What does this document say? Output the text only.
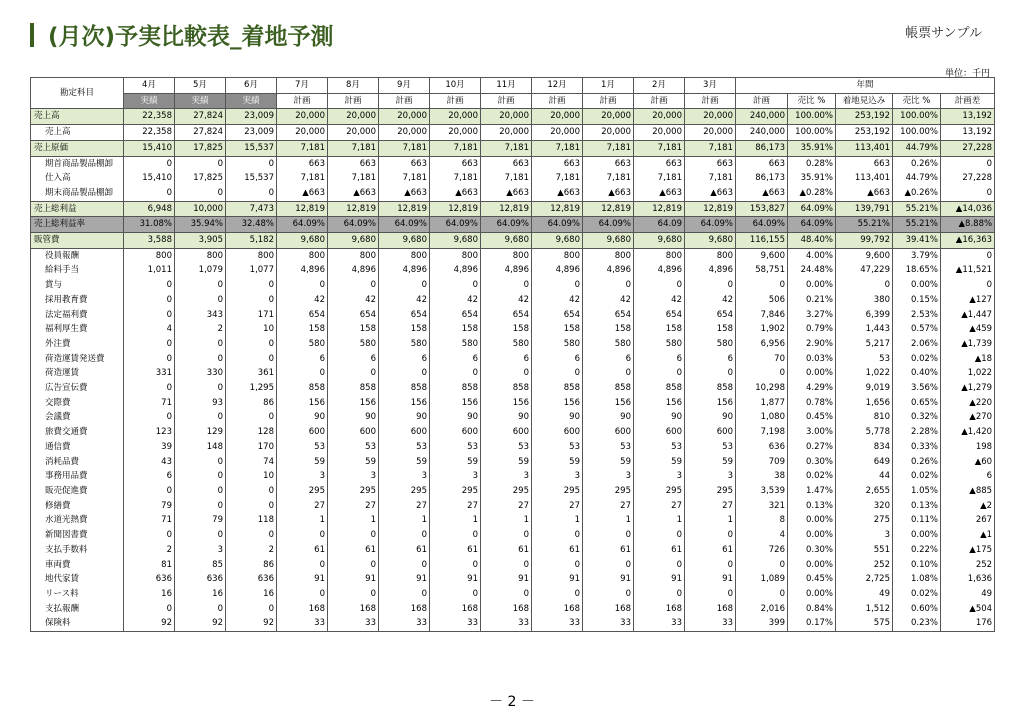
(月次)予実比較表_着地予測	帳票サンプル
単位：千円
勘定科目	4月	5月	6月	7月	8月	9月	10月	11月	12月	1月	2月	3月	年間				
	実績	実績	実績	計画	計画	計画	計画	計画	計画	計画	計画	計画	計画	売比 %	着地見込み	売比 %	計画差
売上高	22,358	27,824	23,009	20,000	20,000	20,000	20,000	20,000	20,000	20,000	20,000	20,000	240,000	100.00%	253,192	100.00%	13,192
売上高	22,358	27,824	23,009	20,000	20,000	20,000	20,000	20,000	20,000	20,000	20,000	20,000	240,000	100.00%	253,192	100.00%	13,192
売上原価	15,410	17,825	15,537	7,181	7,181	7,181	7,181	7,181	7,181	7,181	7,181	7,181	86,173	35.91%	113,401	44.79%	27,228
期首商品製品棚卸	0	0	0	663	663	663	663	663	663	663	663	663	663	0.28%	663	0.26%	0
仕入高	15,410	17,825	15,537	7,181	7,181	7,181	7,181	7,181	7,181	7,181	7,181	7,181	86,173	35.91%	113,401	44.79%	27,228
期末商品製品棚卸	0	0	0	▲663	▲663	▲663	▲663	▲663	▲663	▲663	▲663	▲663	▲663	▲0.28%	▲663	▲0.26%	0
売上総利益	6,948	10,000	7,473	12,819	12,819	12,819	12,819	12,819	12,819	12,819	12,819	12,819	153,827	64.09%	139,791	55.21%	▲14,036
売上総利益率	31.08%	35.94%	32.48%	64.09%	64.09%	64.09%	64.09%	64.09%	64.09%	64.09%	64.09	64.09%	64.09%	64.09%	55.21%	55.21%	▲8.88%
販管費	3,588	3,905	5,182	9,680	9,680	9,680	9,680	9,680	9,680	9,680	9,680	9,680	116,155	48.40%	99,792	39.41%	▲16,363
役員報酬	800	800	800	800	800	800	800	800	800	800	800	800	9,600	4.00%	9,600	3.79%	0
給料手当	1,011	1,079	1,077	4,896	4,896	4,896	4,896	4,896	4,896	4,896	4,896	4,896	58,751	24.48%	47,229	18.65%	▲11,521
賞与	0	0	0	0	0	0	0	0	0	0	0	0	0	0.00%	0	0.00%	0
採用教育費	0	0	0	42	42	42	42	42	42	42	42	42	506	0.21%	380	0.15%	▲127
法定福利費	0	343	171	654	654	654	654	654	654	654	654	654	7,846	3.27%	6,399	2.53%	▲1,447
福利厚生費	4	2	10	158	158	158	158	158	158	158	158	158	1,902	0.79%	1,443	0.57%	▲459
外注費	0	0	0	580	580	580	580	580	580	580	580	580	6,956	2.90%	5,217	2.06%	▲1,739
荷造運賃発送費	0	0	0	6	6	6	6	6	6	6	6	6	70	0.03%	53	0.02%	▲18
荷造運賃	331	330	361	0	0	0	0	0	0	0	0	0	0	0.00%	1,022	0.40%	1,022
広告宣伝費	0	0	1,295	858	858	858	858	858	858	858	858	858	10,298	4.29%	9,019	3.56%	▲1,279
交際費	71	93	86	156	156	156	156	156	156	156	156	156	1,877	0.78%	1,656	0.65%	▲220
会議費	0	0	0	90	90	90	90	90	90	90	90	90	1,080	0.45%	810	0.32%	▲270
旅費交通費	123	129	128	600	600	600	600	600	600	600	600	600	7,198	3.00%	5,778	2.28%	▲1,420
通信費	39	148	170	53	53	53	53	53	53	53	53	53	636	0.27%	834	0.33%	198
消耗品費	43	0	74	59	59	59	59	59	59	59	59	59	709	0.30%	649	0.26%	▲60
事務用品費	6	0	10	3	3	3	3	3	3	3	3	3	38	0.02%	44	0.02%	6
販売促進費	0	0	0	295	295	295	295	295	295	295	295	295	3,539	1.47%	2,655	1.05%	▲885
修繕費	79	0	0	27	27	27	27	27	27	27	27	27	321	0.13%	320	0.13%	▲2
水道光熱費	71	79	118	1	1	1	1	1	1	1	1	1	8	0.00%	275	0.11%	267
新聞図書費	0	0	0	0	0	0	0	0	0	0	0	0	4	0.00%	3	0.00%	▲1
支払手数料	2	3	2	61	61	61	61	61	61	61	61	61	726	0.30%	551	0.22%	▲175
車両費	81	85	86	0	0	0	0	0	0	0	0	0	0	0.00%	252	0.10%	252
地代家賃	636	636	636	91	91	91	91	91	91	91	91	91	1,089	0.45%	2,725	1.08%	1,636
リース料	16	16	16	0	0	0	0	0	0	0	0	0	0	0.00%	49	0.02%	49
支払報酬	0	0	0	168	168	168	168	168	168	168	168	168	2,016	0.84%	1,512	0.60%	▲504
保険料	92	92	92	33	33	33	33	33	33	33	33	33	399	0.17%	575	0.23%	176
－ 2 －
